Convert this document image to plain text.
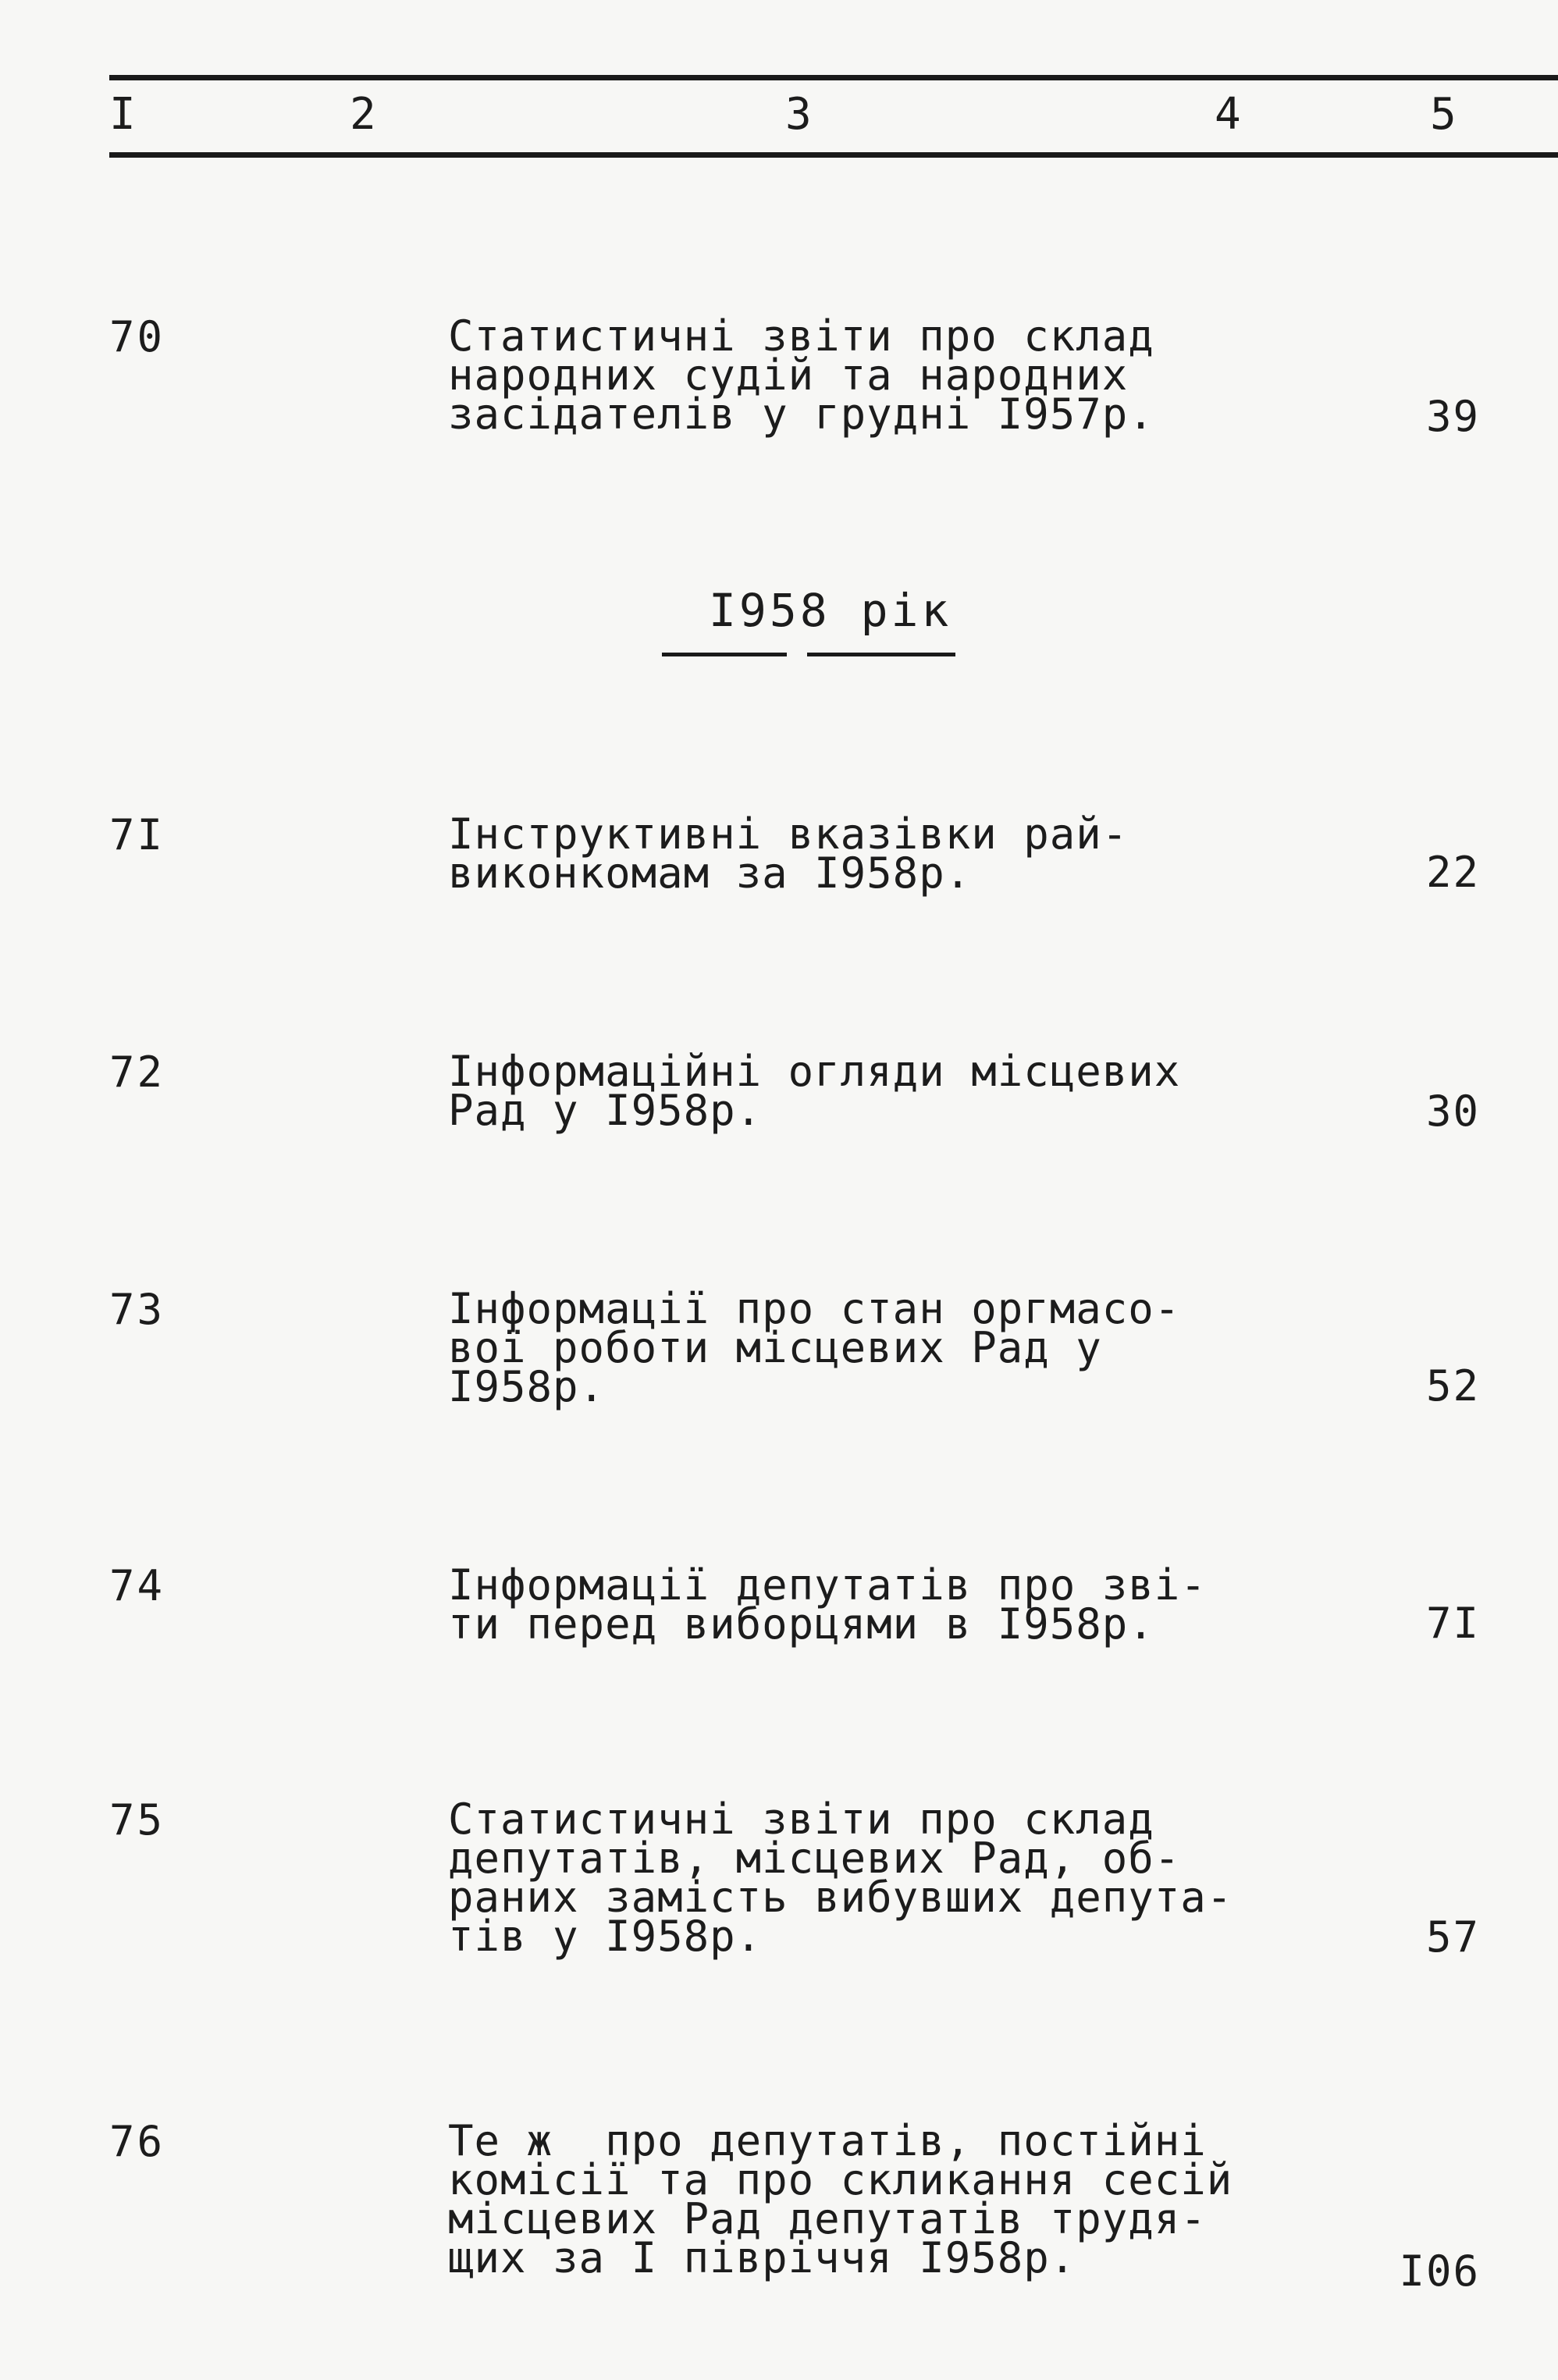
I	2	3	4	5
70	Статистичні звіти про склад
народних судій та народних
засідателів у грудні I957р.	39
I958 рік
7I	Інструктивні вказівки рай-
виконкомам за I958р.	22
72	Інформаційні огляди місцевих
Рад у I958р.	30
73	Інформації про стан оргмасо-
вої роботи місцевих Рад у
I958р.	52
74	Інформації депутатів про зві-
ти перед виборцями в I958р.	7I
75	Статистичні звіти про склад
депутатів, місцевих Рад, об-
раних замість вибувших депута-
тів у I958р.	57
76	Те ж  про депутатів, постійні
комісії та про скликання сесій
місцевих Рад депутатів трудя-
щих за I півріччя I958р.	I06
